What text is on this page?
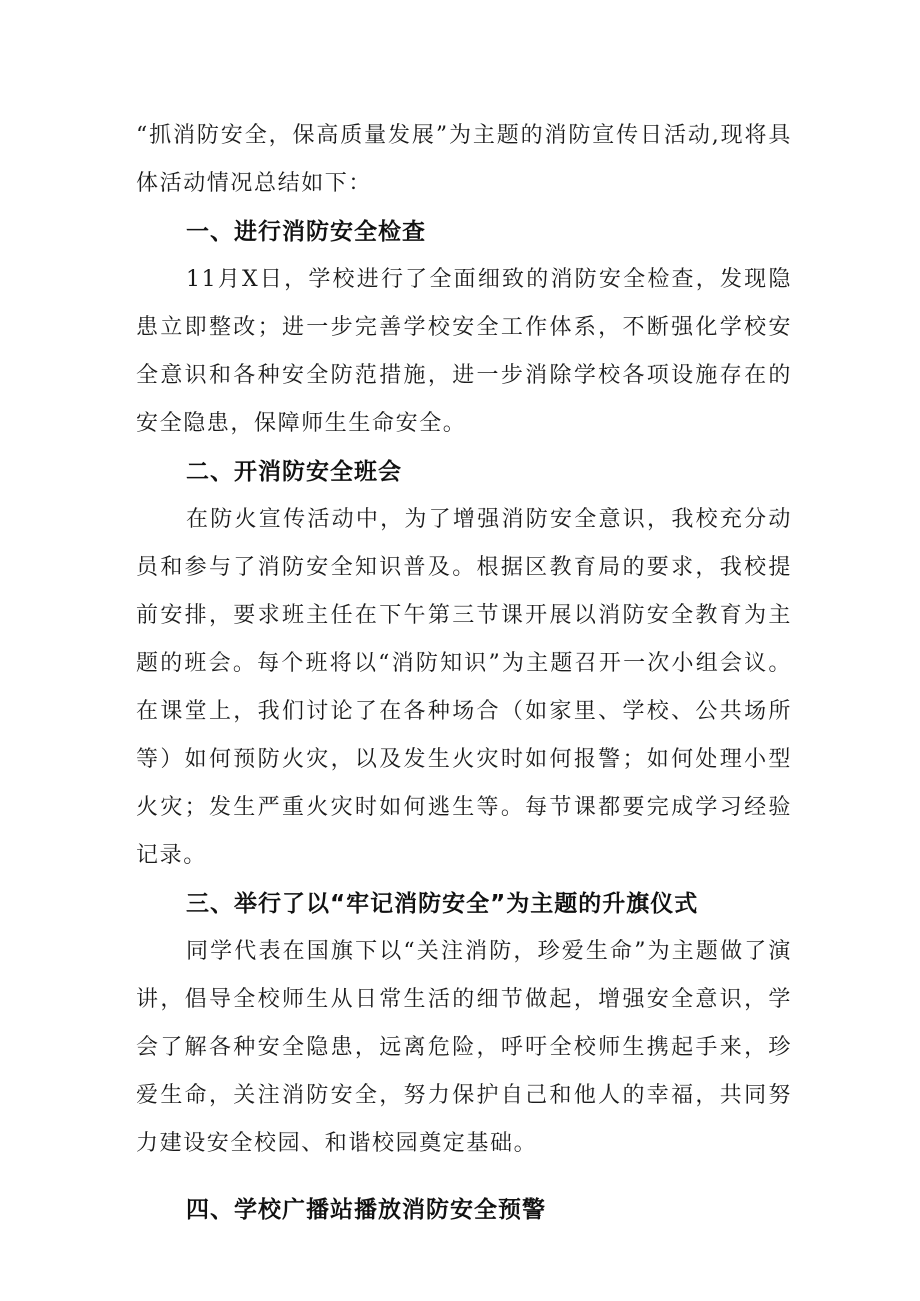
“抓消防安全，保高质量发展”为主题的消防宣传日活动,现将具体活动情况总结如下：

一、进行消防安全检查

11月X日，学校进行了全面细致的消防安全检查，发现隐患立即整改；进一步完善学校安全工作体系，不断强化学校安全意识和各种安全防范措施，进一步消除学校各项设施存在的安全隐患，保障师生生命安全。

二、开消防安全班会

在防火宣传活动中，为了增强消防安全意识，我校充分动员和参与了消防安全知识普及。根据区教育局的要求，我校提前安排，要求班主任在下午第三节课开展以消防安全教育为主题的班会。每个班将以“消防知识”为主题召开一次小组会议。在课堂上，我们讨论了在各种场合（如家里、学校、公共场所等）如何预防火灾，以及发生火灾时如何报警；如何处理小型火灾；发生严重火灾时如何逃生等。每节课都要完成学习经验记录。

三、举行了以“牢记消防安全”为主题的升旗仪式

同学代表在国旗下以“关注消防，珍爱生命”为主题做了演讲，倡导全校师生从日常生活的细节做起，增强安全意识，学会了解各种安全隐患，远离危险，呼吁全校师生携起手来，珍爱生命，关注消防安全，努力保护自己和他人的幸福，共同努力建设安全校园、和谐校园奠定基础。

四、学校广播站播放消防安全预警
